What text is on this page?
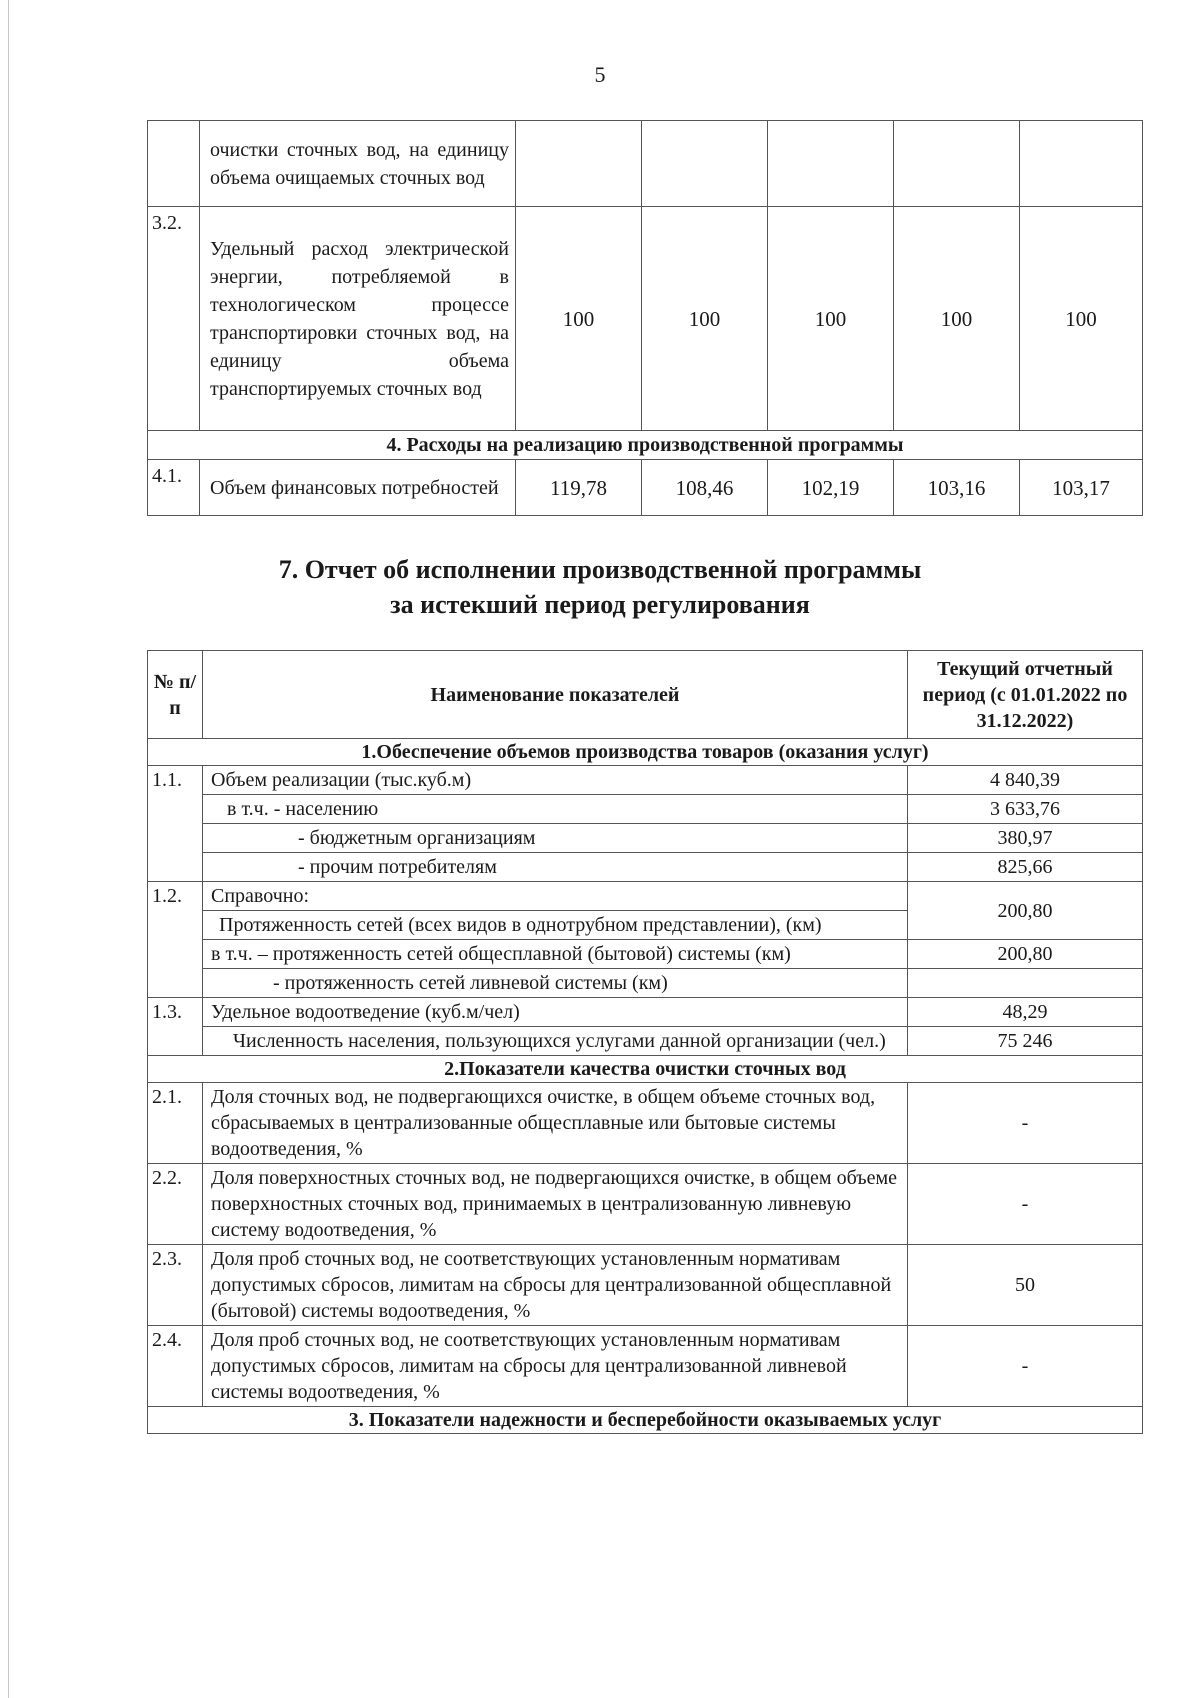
5
	очистки сточных вод, на единицу объема очищаемых сточных вод					
3.2.	Удельный расход электрической энергии, потребляемой в технологическом процессе транспортировки сточных вод, на единицу объема транспортируемых сточных вод	100	100	100	100	100
4. Расходы на реализацию производственной программы						
4.1.	Объем финансовых потребностей	119,78	108,46	102,19	103,16	103,17
7. Отчет об исполнении производственной программы
за истекший период регулирования
№ п/п	Наименование показателей	Текущий отчетный период (с 01.01.2022 по 31.12.2022)
1.Обеспечение объемов производства товаров (оказания услуг)		
1.1.	Объем реализации (тыс.куб.м)	4 840,39
	в т.ч. - населению	3 633,76
	- бюджетным организациям	380,97
	- прочим потребителям	825,66
1.2.	Справочно:	200,80
	Протяженность сетей (всех видов в однотрубном представлении), (км)	
	в т.ч. – протяженность сетей общесплавной (бытовой) системы (км)	200,80
	- протяженность сетей ливневой системы (км)	
1.3.	Удельное водоотведение (куб.м/чел)	48,29
	Численность населения, пользующихся услугами данной организации (чел.)	75 246
2.Показатели качества очистки сточных вод		
2.1.	Доля сточных вод, не подвергающихся очистке, в общем объеме сточных вод, сбрасываемых в централизованные общесплавные или бытовые системы водоотведения, %	-
2.2.	Доля поверхностных сточных вод, не подвергающихся очистке, в общем объеме поверхностных сточных вод, принимаемых в централизованную ливневую систему водоотведения, %	-
2.3.	Доля проб сточных вод, не соответствующих установленным нормативам допустимых сбросов, лимитам на сбросы для централизованной общесплавной (бытовой) системы водоотведения, %	50
2.4.	Доля проб сточных вод, не соответствующих установленным нормативам допустимых сбросов, лимитам на сбросы для централизованной ливневой системы водоотведения, %	-
3. Показатели надежности и бесперебойности оказываемых услуг		
